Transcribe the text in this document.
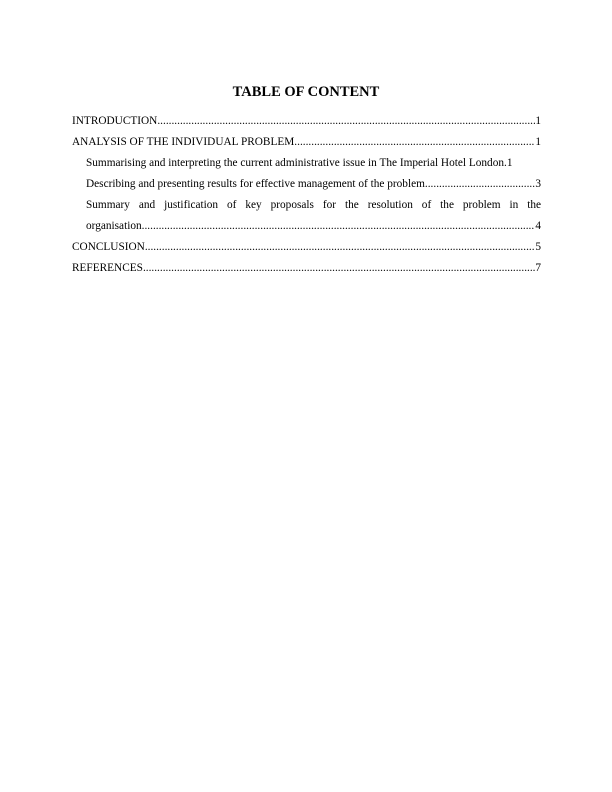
TABLE OF CONTENT
INTRODUCTION .....	1
ANALYSIS OF THE INDIVIDUAL PROBLEM .....	1
Summarising and interpreting the current administrative issue in The Imperial Hotel London. 1
Describing and presenting results for effective management of the problem .....	3
Summary and justification of key proposals for the resolution of the problem in the
organisation .....	4
CONCLUSION .....	5
REFERENCES .....	7
